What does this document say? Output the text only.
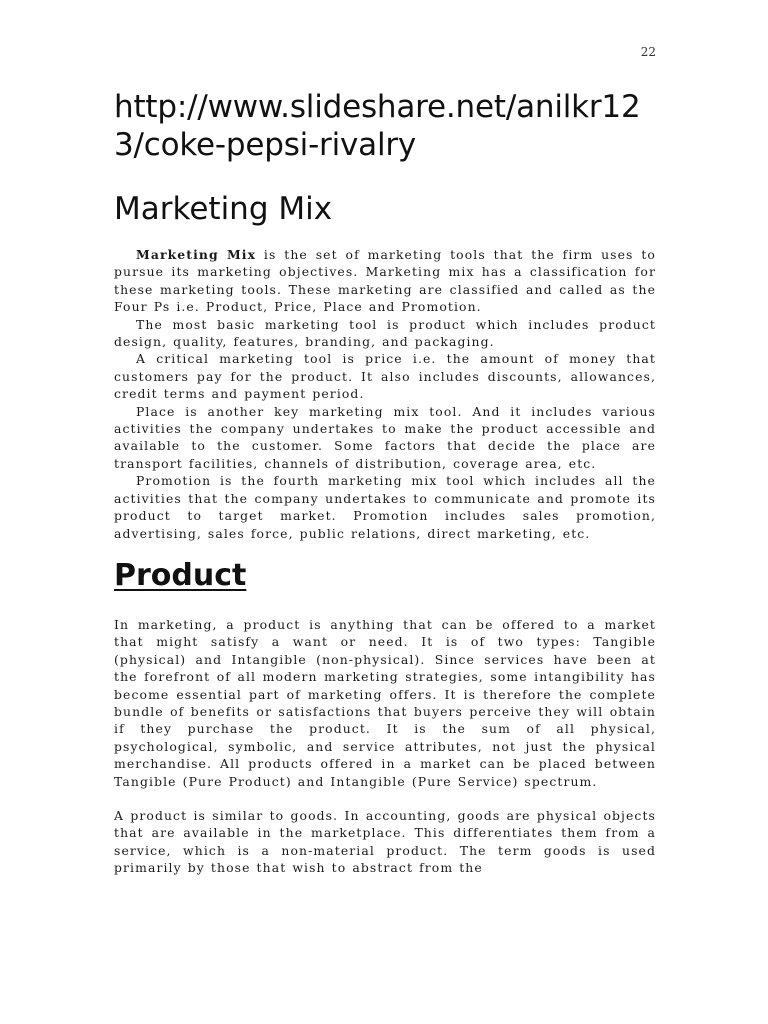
22
http://www.slideshare.net/anilkr123/coke-pepsi-rivalry
Marketing Mix

Marketing Mix is the set of marketing tools that the firm uses to pursue its marketing objectives. Marketing mix has a classification for these marketing tools. These marketing are classified and called as the Four Ps i.e. Product, Price, Place and Promotion.

The most basic marketing tool is product which includes product design, quality, features, branding, and packaging.

A critical marketing tool is price i.e. the amount of money that customers pay for the product. It also includes discounts, allowances, credit terms and payment period.

Place is another key marketing mix tool. And it includes various activities the company undertakes to make the product accessible and available to the customer. Some factors that decide the place are transport facilities, channels of distribution, coverage area, etc.

Promotion is the fourth marketing mix tool which includes all the activities that the company undertakes to communicate and promote its product to target market. Promotion includes sales promotion, advertising, sales force, public relations, direct marketing, etc.

Product

In marketing, a product is anything that can be offered to a market that might satisfy a want or need. It is of two types: Tangible (physical) and Intangible (non-physical). Since services have been at the forefront of all modern marketing strategies, some intangibility has become essential part of marketing offers. It is therefore the complete bundle of benefits or satisfactions that buyers perceive they will obtain if they purchase the product. It is the sum of all physical, psychological, symbolic, and service attributes, not just the physical merchandise. All products offered in a market can be placed between Tangible (Pure Product) and Intangible (Pure Service) spectrum.

A product is similar to goods. In accounting, goods are physical objects that are available in the marketplace. This differentiates them from a service, which is a non-material product. The term goods is used primarily by those that wish to abstract from the
